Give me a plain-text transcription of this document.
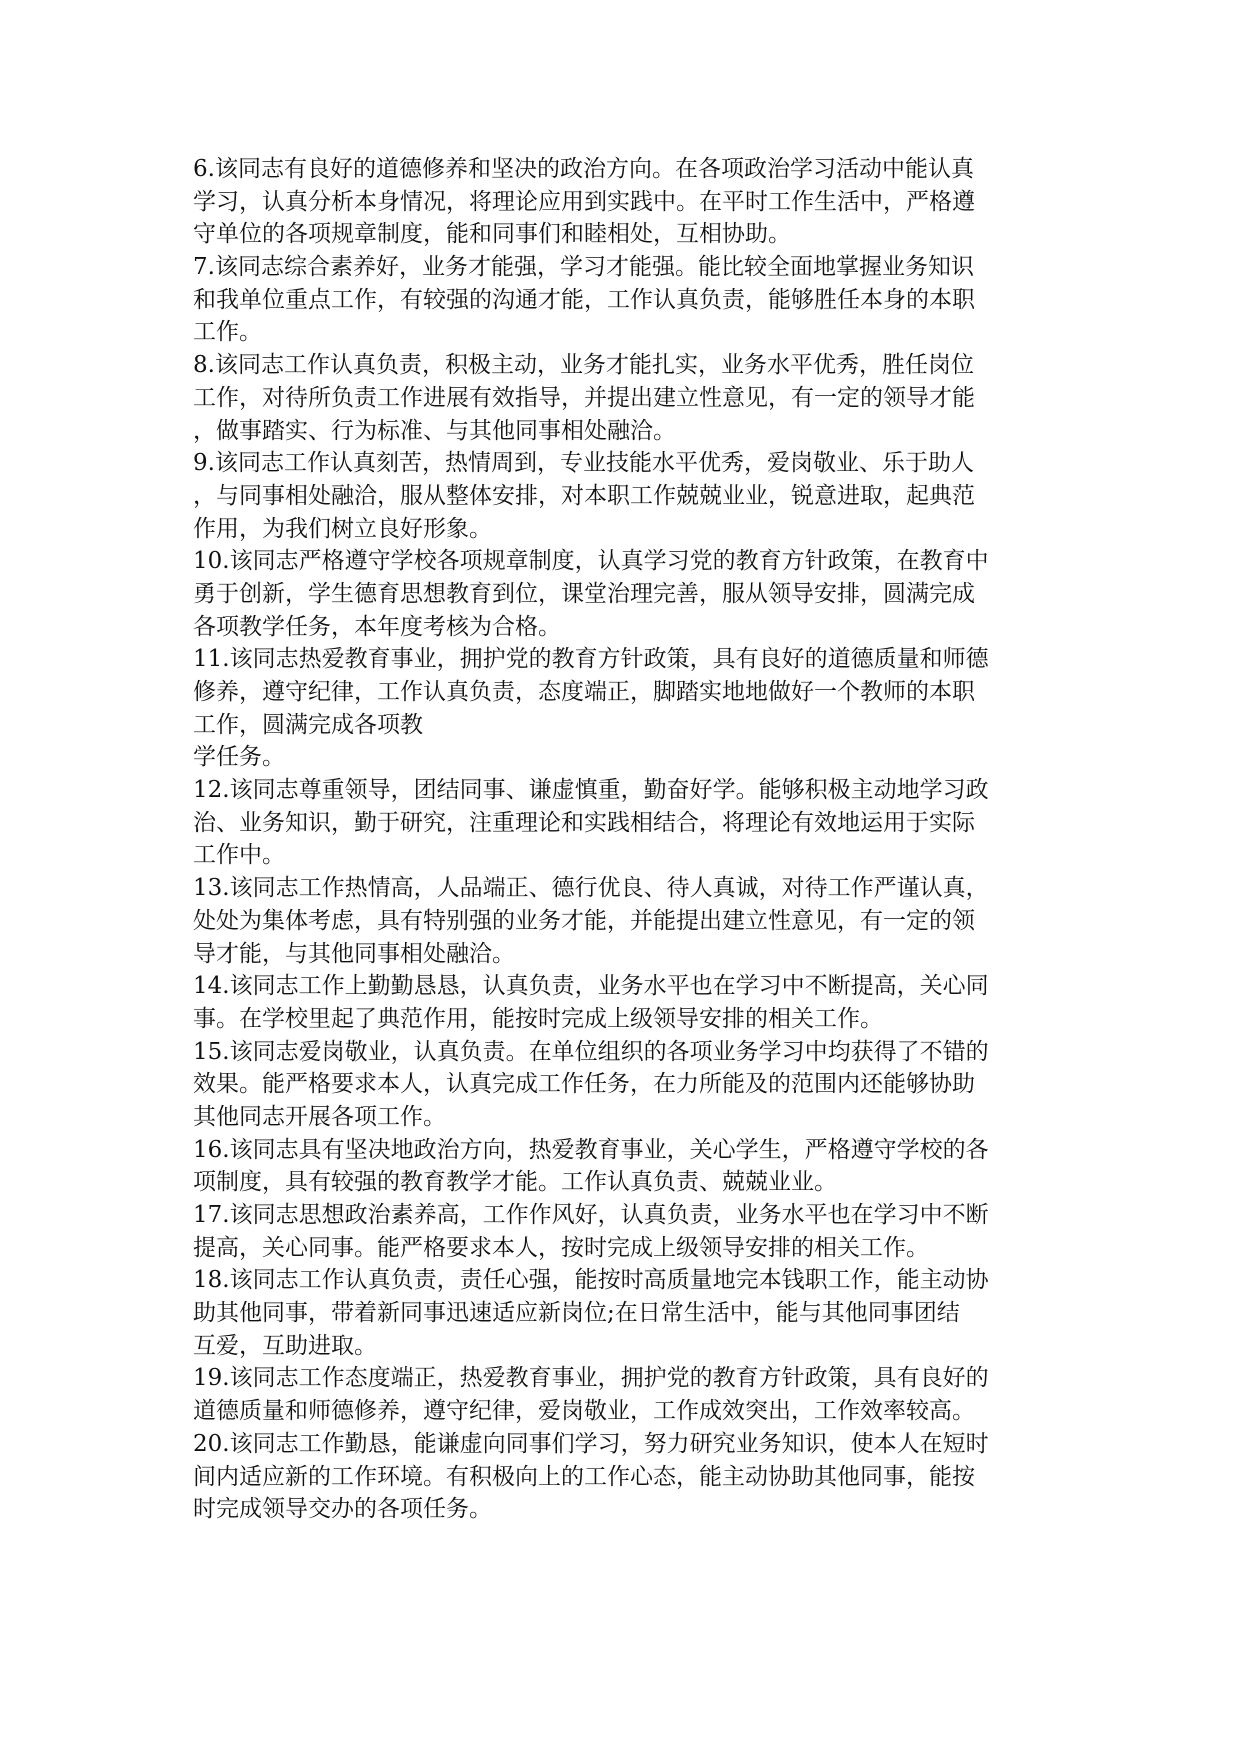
6.该同志有良好的道德修养和坚决的政治方向。在各项政治学习活动中能认真
学习，认真分析本身情况，将理论应用到实践中。在平时工作生活中，严格遵
守单位的各项规章制度，能和同事们和睦相处，互相协助。
7.该同志综合素养好，业务才能强，学习才能强。能比较全面地掌握业务知识
和我单位重点工作，有较强的沟通才能，工作认真负责，能够胜任本身的本职
工作。
8.该同志工作认真负责，积极主动，业务才能扎实，业务水平优秀，胜任岗位
工作，对待所负责工作进展有效指导，并提出建立性意见，有一定的领导才能
，做事踏实、行为标准、与其他同事相处融洽。
9.该同志工作认真刻苦，热情周到，专业技能水平优秀，爱岗敬业、乐于助人
，与同事相处融洽，服从整体安排，对本职工作兢兢业业，锐意进取，起典范
作用，为我们树立良好形象。
10.该同志严格遵守学校各项规章制度，认真学习党的教育方针政策，在教育中
勇于创新，学生德育思想教育到位，课堂治理完善，服从领导安排，圆满完成
各项教学任务，本年度考核为合格。
11.该同志热爱教育事业，拥护党的教育方针政策，具有良好的道德质量和师德
修养，遵守纪律，工作认真负责，态度端正，脚踏实地地做好一个教师的本职
工作，圆满完成各项教
学任务。
12.该同志尊重领导，团结同事、谦虚慎重，勤奋好学。能够积极主动地学习政
治、业务知识，勤于研究，注重理论和实践相结合，将理论有效地运用于实际
工作中。
13.该同志工作热情高，人品端正、德行优良、待人真诚，对待工作严谨认真，
处处为集体考虑，具有特别强的业务才能，并能提出建立性意见，有一定的领
导才能，与其他同事相处融洽。
14.该同志工作上勤勤恳恳，认真负责，业务水平也在学习中不断提高，关心同
事。在学校里起了典范作用，能按时完成上级领导安排的相关工作。
15.该同志爱岗敬业，认真负责。在单位组织的各项业务学习中均获得了不错的
效果。能严格要求本人，认真完成工作任务，在力所能及的范围内还能够协助
其他同志开展各项工作。
16.该同志具有坚决地政治方向，热爱教育事业，关心学生，严格遵守学校的各
项制度，具有较强的教育教学才能。工作认真负责、兢兢业业。
17.该同志思想政治素养高，工作作风好，认真负责，业务水平也在学习中不断
提高，关心同事。能严格要求本人，按时完成上级领导安排的相关工作。
18.该同志工作认真负责，责任心强，能按时高质量地完本钱职工作，能主动协
助其他同事，带着新同事迅速适应新岗位;在日常生活中，能与其他同事团结
互爱，互助进取。
19.该同志工作态度端正，热爱教育事业，拥护党的教育方针政策，具有良好的
道德质量和师德修养，遵守纪律，爱岗敬业，工作成效突出，工作效率较高。
20.该同志工作勤恳，能谦虚向同事们学习，努力研究业务知识，使本人在短时
间内适应新的工作环境。有积极向上的工作心态，能主动协助其他同事，能按
时完成领导交办的各项任务。
